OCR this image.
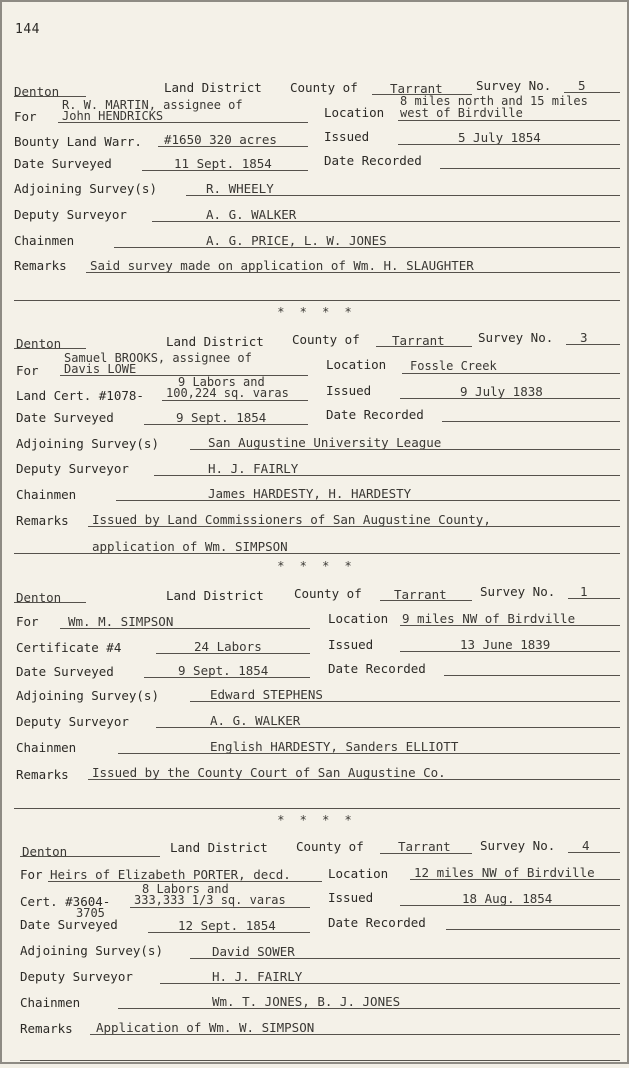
144
Denton	Land District County of	Tarrant	Survey No. 5
For
R. W. MARTIN, assignee of
John HENDRICKS	Location
8 miles north and 15 miles
west of Birdville
Bounty Land Warr. #1650 320 acres	Issued	5 July 1854
Date Surveyed	11 Sept. 1854	Date Recorded
Adjoining Survey(s)	R. WHEELY
Deputy Surveyor	A. G. WALKER
Chainmen	A. G. PRICE, L. W. JONES
Remarks Said survey made on application of Wm. H. SLAUGHTER
* * * *
Denton	Land District County of	Tarrant	Survey No. 3
For
Samuel BROOKS, assignee of
Davis LOWE	Location Fossle Creek
Land Cert. #1078-
9 Labors and
100,224 sq. varas	Issued	9 July 1838
Date Surveyed	9 Sept. 1854	Date Recorded
Adjoining Survey(s)	San Augustine University League
Deputy Surveyor	H. J. FAIRLY
Chainmen	James HARDESTY, H. HARDESTY
Remarks Issued by Land Commissioners of San Augustine County,
application of Wm. SIMPSON
* * * *
Denton	Land District County of	Tarrant	Survey No. 1
For Wm. M. SIMPSON	Location 9 miles NW of Birdville
Certificate #4	24 Labors	Issued	13 June 1839
Date Surveyed	9 Sept. 1854	Date Recorded
Adjoining Survey(s)	Edward STEPHENS
Deputy Surveyor	A. G. WALKER
Chainmen	English HARDESTY, Sanders ELLIOTT
Remarks Issued by the County Court of San Augustine Co.
* * * *
Denton	Land District County of	Tarrant Survey No. 4
For Heirs of Elizabeth PORTER, decd.	Location 12 miles NW of Birdville
Cert. #3604-
3705
8 Labors and
333,333 1/3 sq. varas	Issued	18 Aug. 1854
Date Surveyed	12 Sept. 1854	Date Recorded
Adjoining Survey(s)	David SOWER
Deputy Surveyor	H. J. FAIRLY
Chainmen	Wm. T. JONES, B. J. JONES
Remarks Application of Wm. W. SIMPSON
